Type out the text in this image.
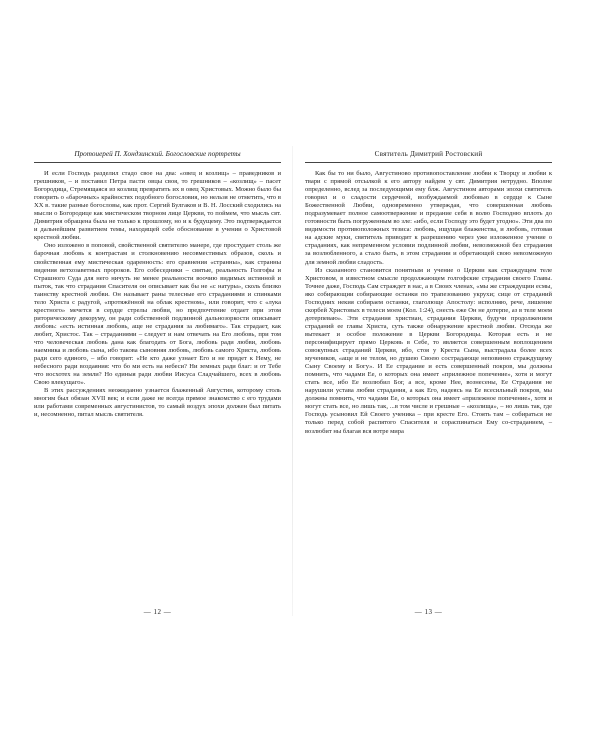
Протоиерей П. Хондзинский. Богословские портреты

И если Господь разделил стадо свое на два: «овец и козлищ» – праведников и грешников, – и поставил Петра пасти овцы своя, то грешников – «козлищ» – пасет Богородица, Стремящаяся из козлищ превратить их в овец Христовых. Можно было бы говорить о «барочных» крайностях подобного богословия, но нельзя не отметить, что в XX в. такие разные богословы, как прот. Сергий Булгаков и В. Н. Лосский сходились на мысли о Богородице как мистическом творном лице Церкви, то поймем, что мысль свт. Димитрия обращена была не только к прошлому, но и к будущему. Это подтверждается и дальнейшим развитием темы, находящей себе обоснование в учении о Христовой крестной любви.

Оно изложено в поповой, свойственной святителю манере, где простудает столь же барочная любовь к контрастам и столкновению несовместимых образов, сколь и свойственная ему мистическая одаренность: его сравнения «странны», как странны видения ветхозаветных пророков. Его собеседники – святые, реальность Голгофы и Страшного Суда для него ничуть не менее реальности воочию видимых истинной и пыток, так что страдания Спасителя он описывает как бы не «с натуры», сколь близко таинству крестной любви. Он называет раны телесные его страданиями и спинками тело Христа с радугой, «протяжённой на облак крестном», или говорит, что с «лука крестного» мечется в сердце стрелы любви, но предпочтение отдает при этом риторическому декоруму, он ради собственной подлинной дальнозоркости опиcывает любовь: «есть истинная любовь, аще не страдания за любимаго». Так страдает, как любит, Христос. Так – страданиями – следует и нам отвечать на Его любовь, при том что человеческая любовь дана как благодать от Бога, любовь ради любви, любовь наемника и любовь сына, ибо такова сыновняя любовь, любовь самого Христа, любовь ради сего единого, – ибо говорит: «Не кто даже узнает Его и не придет к Нему, не небесного ради воздаяния: что бо ми есть на небеси? Ни земных ради благ: и от Тебе что восхотех на земли? Но единыя ради любви Иисуса Сладчайшего, всех в любовь Свою влекущаго».

В этих рассуждениях неожиданно узнается блаженный Августин, которому столь многим был обязан XVII век; и если даже не всегда прямое знакомство с его трудами или работами современных августинистов, то самый воздух эпохи должен был питать и, несомненно, питал мысль святителя.

— 12 —
Святитель Димитрий Ростовский

Как бы то ни было, Августиново противопоставление любви к Творцу и любви к твари с прямой отсылкой к его автору найдем у свт. Димитрия нетрудно. Вполне определенно, вслед за последующими ему блж. Августином авторами эпохи святитель говорил и о сладости сердечной, возбуждаемой любовью в сердце к Сыне Божественной Любви, одновременно утверждая, что совершенная любовь подразумевает полное самоотвержение и предание себя в волю Господню вплоть до готовности быть погруженным во зле: «ибо, если Господу это будет угодно». Эти два по видимости противоположных тезиса: любовь, ищущая блаженства, и любовь, готовая на адские муки, святитель приводит к разрешению через уже изложенное учение о страданиях, как непременном условии подлинной любви, невозможной без страдания за возлюбленного, а стало быть, в этом страдании и обретающей свою невозможную для земной любви сладость.

Из сказанного становится понятным и учение о Церкви как страждущем теле Христовом, в известном смысле продолжающем голгофские страдания своего Главы. Точнее даже, Господь Сам страждет в нас, а в Своих членах, «мы же страждущии есмы, яко собирающии собирающие останки по трапезованию укрухи; сице от страданий Господних некия собираем останки, глаголюще Апостолу: исполняю, рече, лишение скорбей Христовых в телеси моем (Кол. 1:24), снесть еже Он не дотерпе, аз в теле моем дотерпеваю». Эти страдания христиан, страдания Церкви, будучи продолжением страданий ее главы Христа, суть также обнаружение крестной любви. Отсюда же вытекает и особое положение в Церкви Богородицы. Которая есть и не персонифицирует прямо Церковь в Себе, то является совершенным воплощением совокупных страданий Церкви, ибо, стоя у Креста Сына, выстрадала более всех мучеников, «аще и не телом, но душею Своею сострадающе неповинно страждущему Сыну Своему и Богу». И Ее страдание и есть совершенный покров, мы должны помнить, что чадами Ее, о которых она имеет «прилежное попечение», хотя и могут стать все, ибо Ее возлюбил Бог, а все, кроме Нее, вознесены, Ее Страдания не нарушили устава любви страдания, а как Его, надеясь на Ее всесильный покров, мы должны помнить, что чадами Ее, о которых она имеет «прилежное попечение», хотя и могут стать все, но лишь так, ...в том числе и грешные – «козлища», – но лишь так, где Господь усыновил Ей Своего ученика – при кресте Его. Стоять там – собираться не только перед собой распятого Спасителя и сораспинаться Ему со-страданием, – возлюбит ны благая вся вотре мира

— 13 —
